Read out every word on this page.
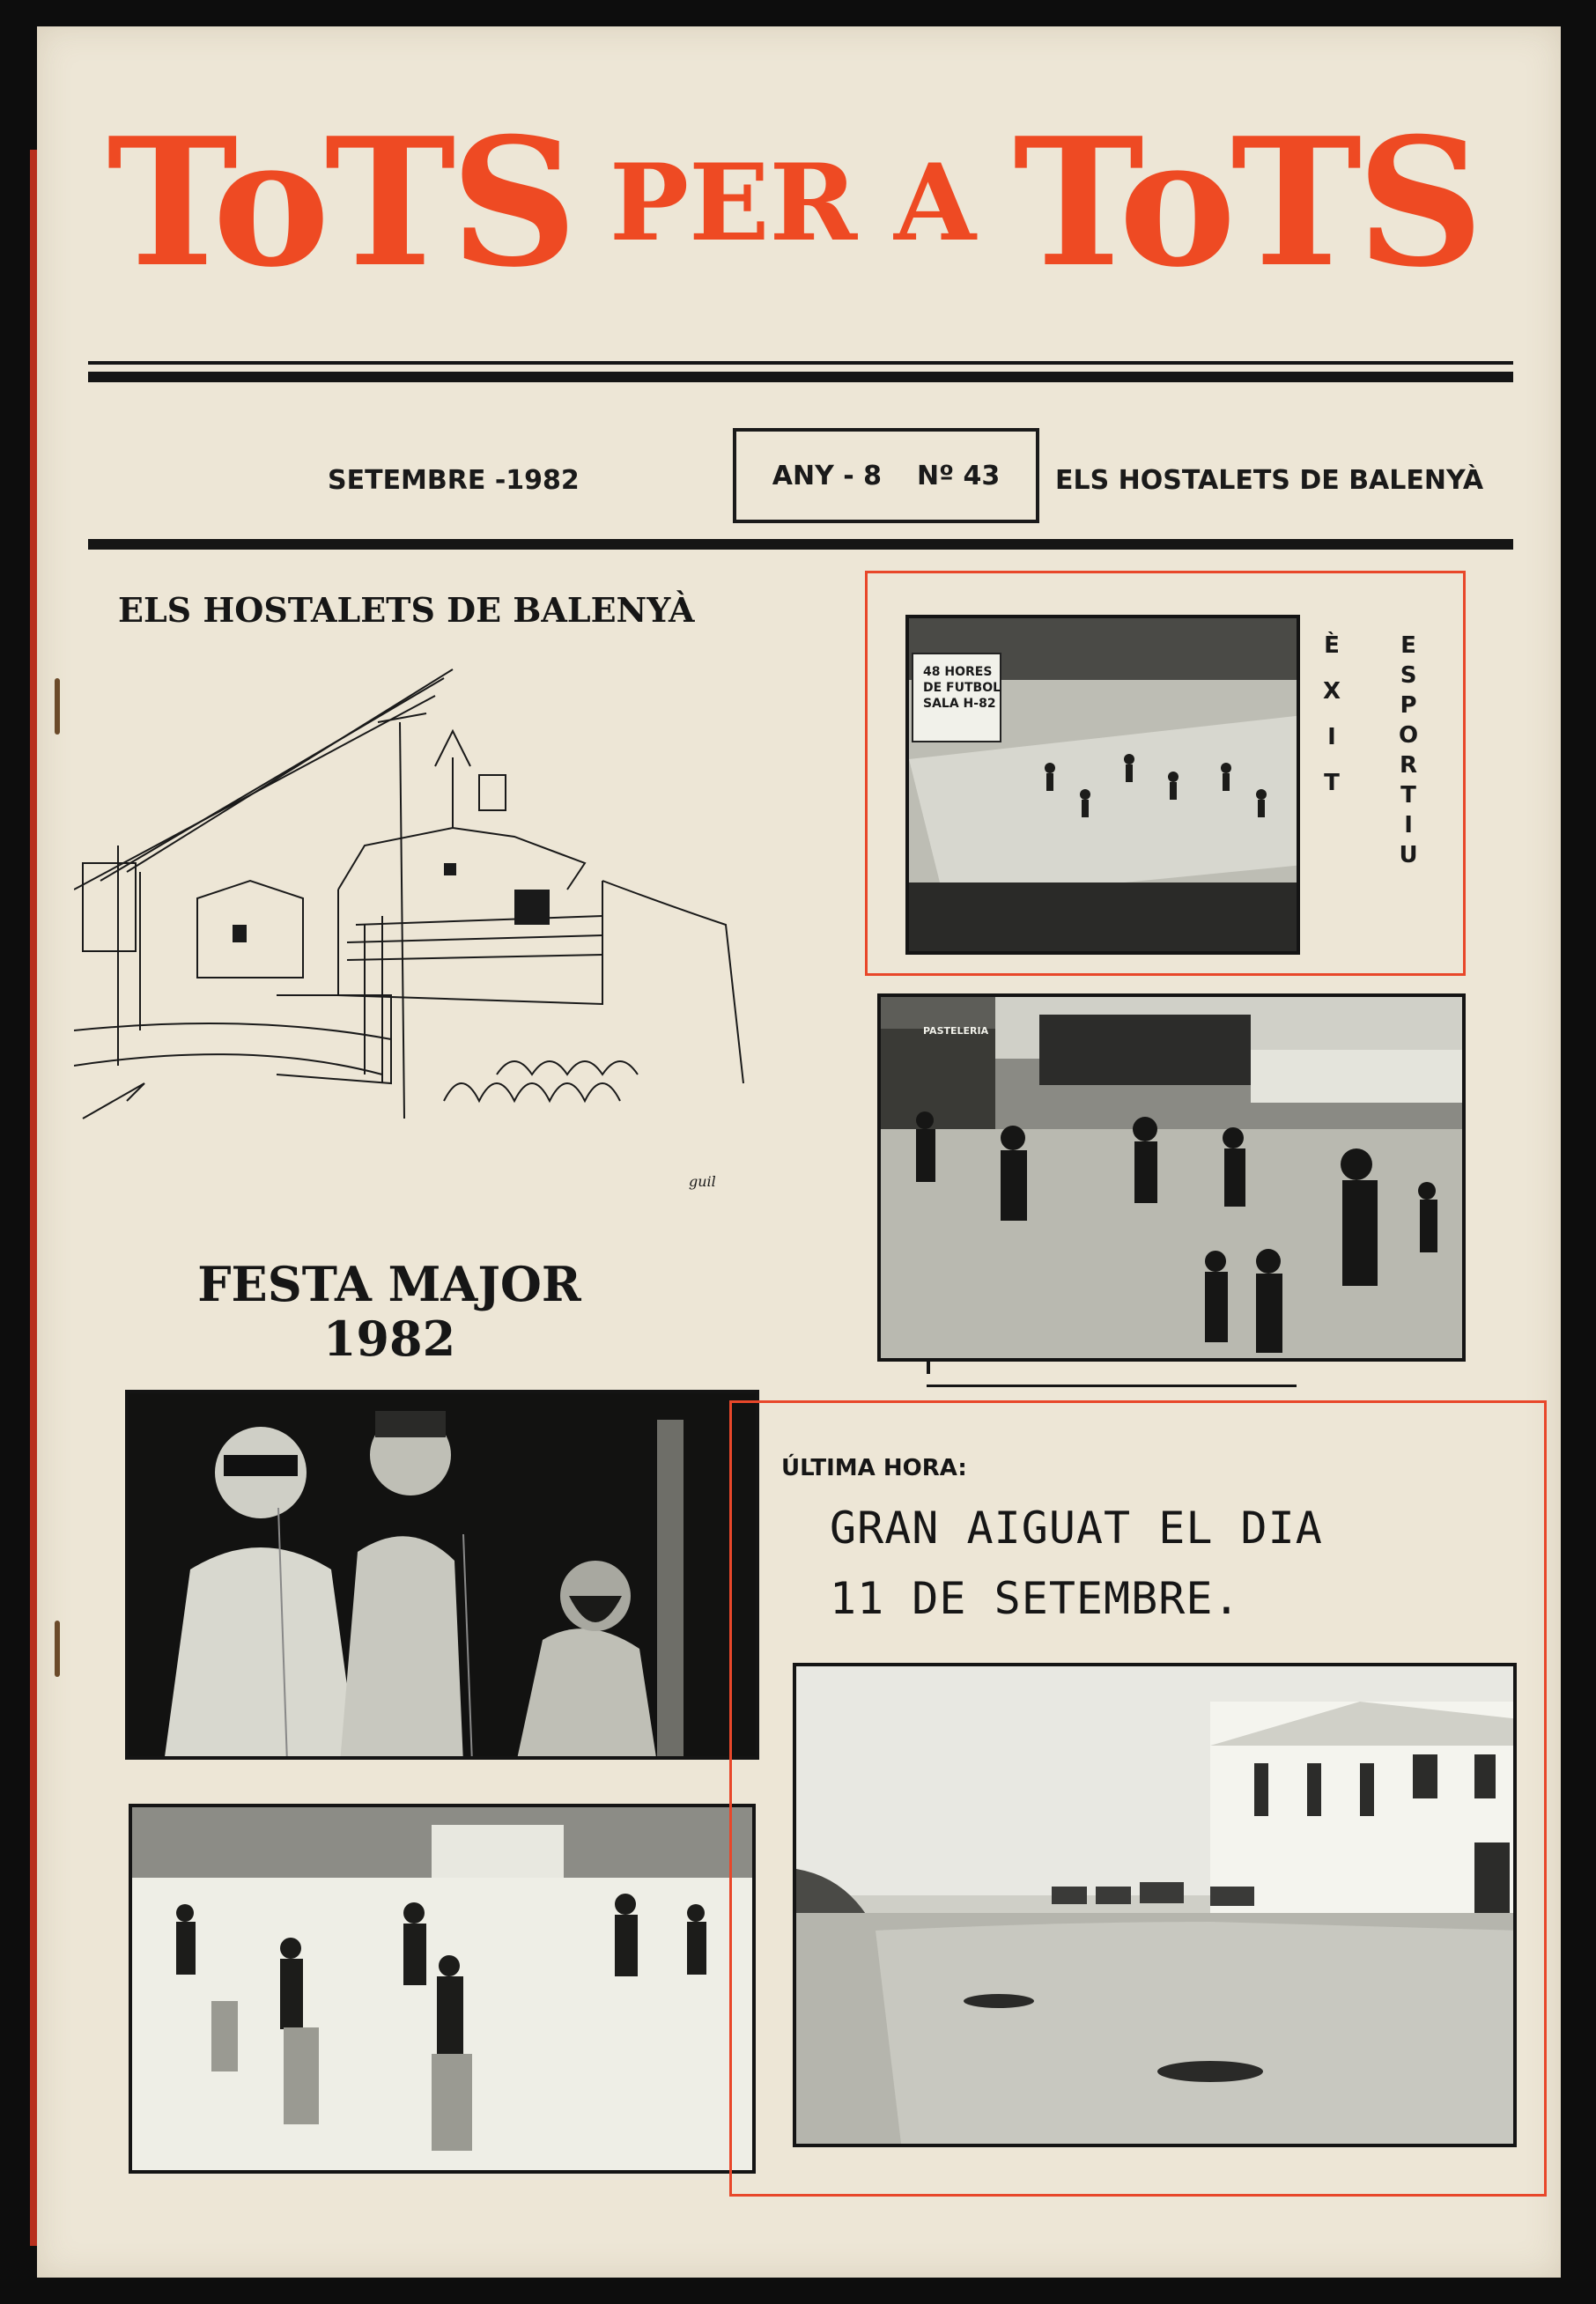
ToTS PER A ToTS
SETEMBRE -1982	ANY - 8 Nº 43 ELS HOSTALETS DE BALENYÀ
ELS HOSTALETS DE BALENYÀ
guil
FESTA MAJOR
1982
48 HORES
DE FUTBOL
SALA H-82
È
X
I
T
E
S
P
O
R
T
I
U
PASTELERIA
ÚLTIMA HORA:
GRAN AIGUAT EL DIA
11 DE SETEMBRE.
